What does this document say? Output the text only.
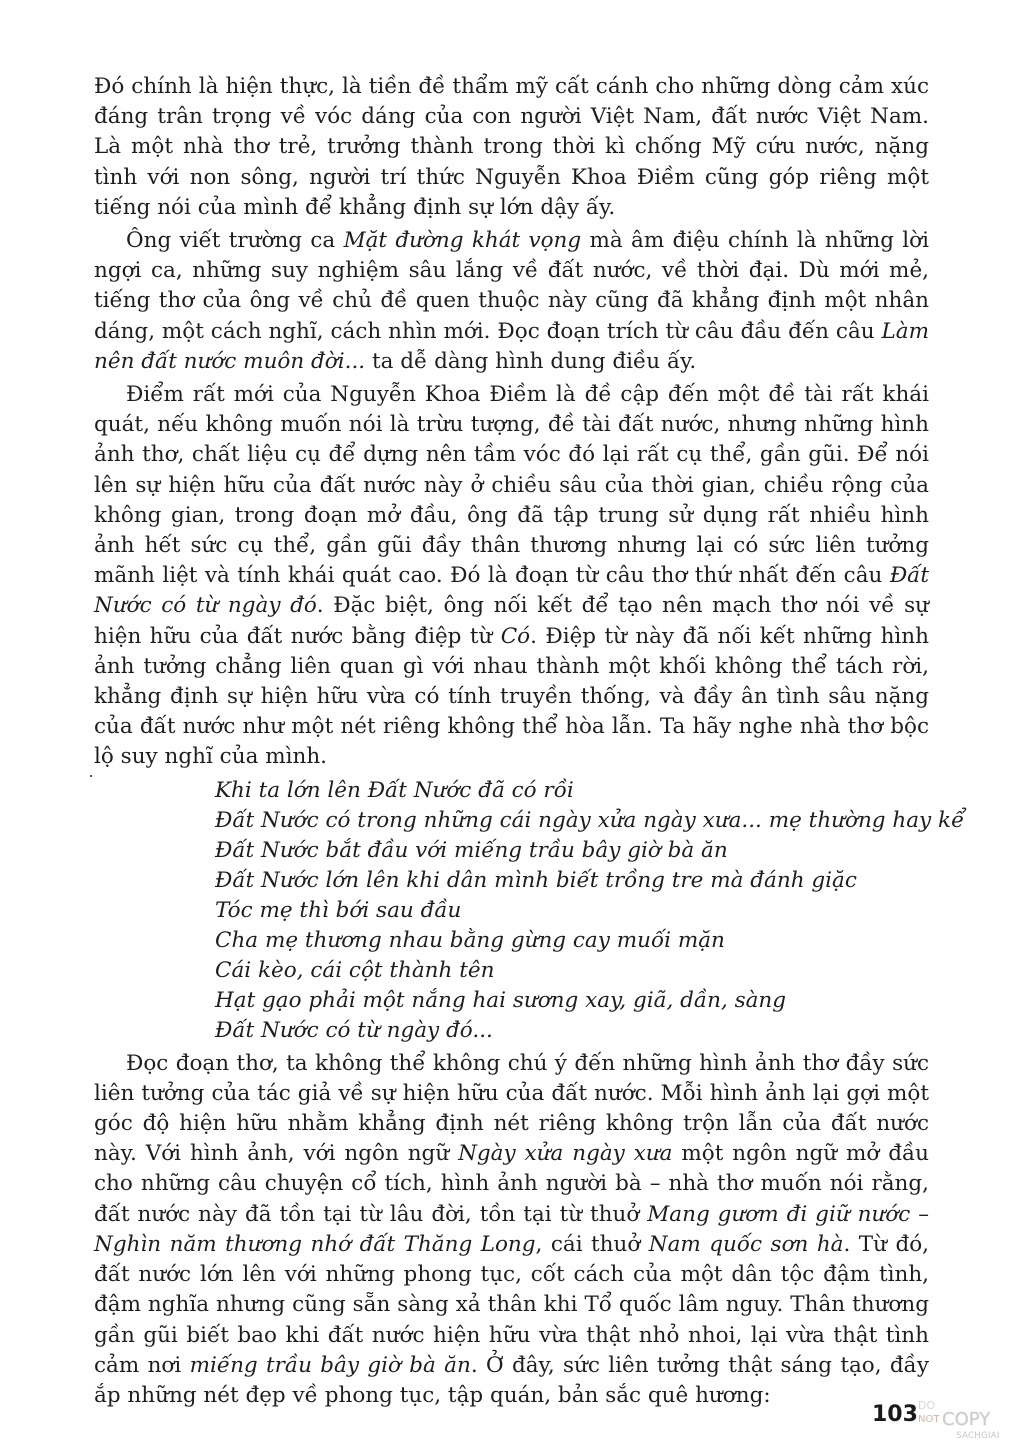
Đó chính là hiện thực, là tiền đề thẩm mỹ cất cánh cho những dòng cảm xúc đáng trân trọng về vóc dáng của con người Việt Nam, đất nước Việt Nam. Là một nhà thơ trẻ, trưởng thành trong thời kì chống Mỹ cứu nước, nặng tình với non sông, người trí thức Nguyễn Khoa Điềm cũng góp riêng một tiếng nói của mình để khẳng định sự lớn dậy ấy.

Ông viết trường ca Mặt đường khát vọng mà âm điệu chính là những lời ngợi ca, những suy nghiệm sâu lắng về đất nước, về thời đại. Dù mới mẻ, tiếng thơ của ông về chủ đề quen thuộc này cũng đã khẳng định một nhân dáng, một cách nghĩ, cách nhìn mới. Đọc đoạn trích từ câu đầu đến câu Làm nên đất nước muôn đời... ta dễ dàng hình dung điều ấy.

Điểm rất mới của Nguyễn Khoa Điềm là đề cập đến một đề tài rất khái quát, nếu không muốn nói là trừu tượng, đề tài đất nước, nhưng những hình ảnh thơ, chất liệu cụ để dựng nên tầm vóc đó lại rất cụ thể, gần gũi. Để nói lên sự hiện hữu của đất nước này ở chiều sâu của thời gian, chiều rộng của không gian, trong đoạn mở đầu, ông đã tập trung sử dụng rất nhiều hình ảnh hết sức cụ thể, gần gũi đầy thân thương nhưng lại có sức liên tưởng mãnh liệt và tính khái quát cao. Đó là đoạn từ câu thơ thứ nhất đến câu Đất Nước có từ ngày đó. Đặc biệt, ông nối kết để tạo nên mạch thơ nói về sự hiện hữu của đất nước bằng điệp từ Có. Điệp từ này đã nối kết những hình ảnh tưởng chẳng liên quan gì với nhau thành một khối không thể tách rời, khẳng định sự hiện hữu vừa có tính truyền thống, và đầy ân tình sâu nặng của đất nước như một nét riêng không thể hòa lẫn. Ta hãy nghe nhà thơ bộc lộ suy nghĩ của mình.

Khi ta lớn lên Đất Nước đã có rồi
Đất Nước có trong những cái ngày xửa ngày xưa... mẹ thường hay kể
Đất Nước bắt đầu với miếng trầu bây giờ bà ăn
Đất Nước lớn lên khi dân mình biết trồng tre mà đánh giặc
Tóc mẹ thì bới sau đầu
Cha mẹ thương nhau bằng gừng cay muối mặn
Cái kèo, cái cột thành tên
Hạt gạo phải một nắng hai sương xay, giã, dần, sàng
Đất Nước có từ ngày đó...

Đọc đoạn thơ, ta không thể không chú ý đến những hình ảnh thơ đầy sức liên tưởng của tác giả về sự hiện hữu của đất nước. Mỗi hình ảnh lại gợi một góc độ hiện hữu nhằm khẳng định nét riêng không trộn lẫn của đất nước này. Với hình ảnh, với ngôn ngữ Ngày xửa ngày xưa một ngôn ngữ mở đầu cho những câu chuyện cổ tích, hình ảnh người bà – nhà thơ muốn nói rằng, đất nước này đã tồn tại từ lâu đời, tồn tại từ thuở Mang gươm đi giữ nước – Nghìn năm thương nhớ đất Thăng Long, cái thuở Nam quốc sơn hà. Từ đó, đất nước lớn lên với những phong tục, cốt cách của một dân tộc đậm tình, đậm nghĩa nhưng cũng sẵn sàng xả thân khi Tổ quốc lâm nguy. Thân thương gần gũi biết bao khi đất nước hiện hữu vừa thật nhỏ nhoi, lại vừa thật tình cảm nơi miếng trầu bây giờ bà ăn. Ở đây, sức liên tưởng thật sáng tạo, đầy ắp những nét đẹp về phong tục, tập quán, bản sắc quê hương:

103 DO
NOT COPY
SACHGIAI
